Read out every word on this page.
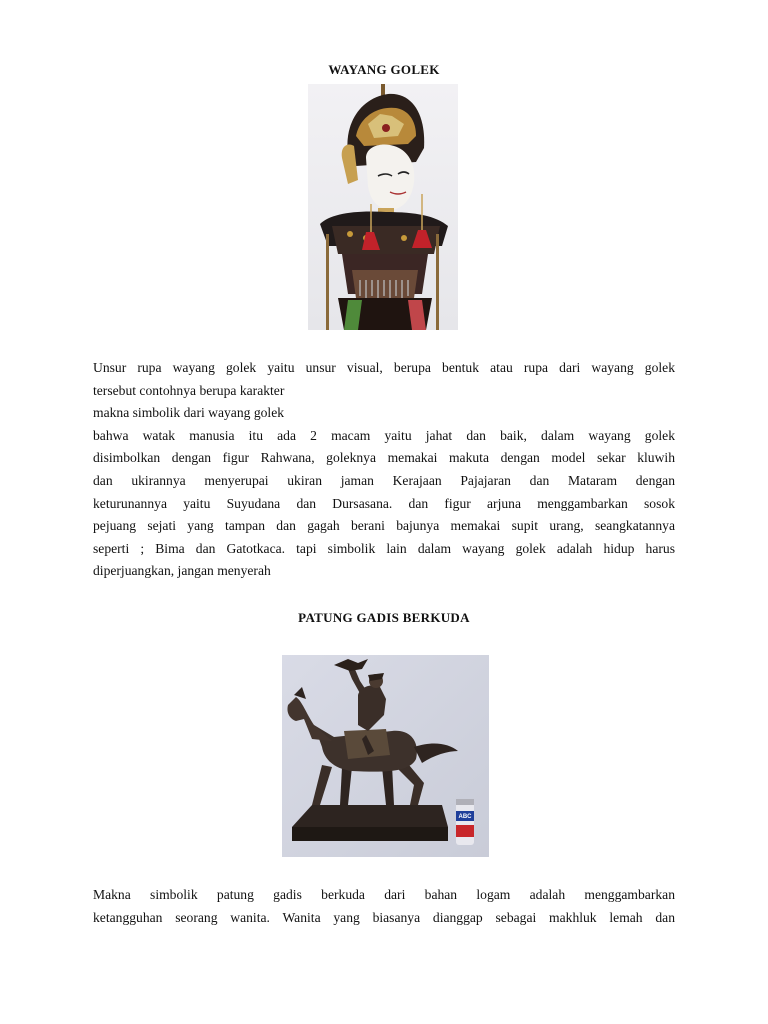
WAYANG GOLEK

Unsur rupa wayang golek yaitu unsur visual, berupa bentuk atau rupa dari wayang golek
tersebut contohnya berupa karakter
makna simbolik dari wayang golek
bahwa watak manusia itu ada 2 macam yaitu jahat dan baik, dalam wayang golek
disimbolkan dengan figur Rahwana, goleknya memakai makuta dengan model sekar kluwih
dan ukirannya menyerupai ukiran jaman Kerajaan Pajajaran dan Mataram dengan
keturunannya yaitu Suyudana dan Dursasana. dan figur arjuna menggambarkan sosok
pejuang sejati yang tampan dan gagah berani bajunya memakai supit urang, seangkatannya
seperti ; Bima dan Gatotkaca. tapi simbolik lain dalam wayang golek adalah hidup harus
diperjuangkan, jangan menyerah

PATUNG GADIS BERKUDA
ABC

Makna simbolik patung gadis berkuda dari bahan logam adalah menggambarkan
ketangguhan seorang wanita. Wanita yang biasanya dianggap sebagai makhluk lemah dan
